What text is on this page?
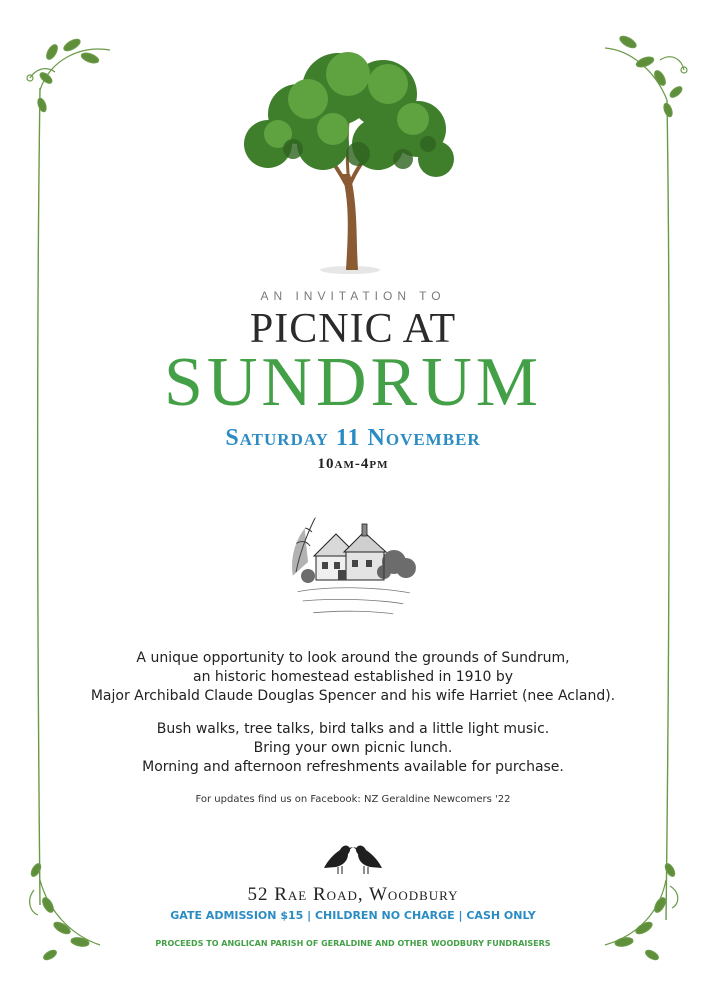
AN INVITATION TO
PICNIC AT
SUNDRUM
Saturday 11 November
10am-4pm
A unique opportunity to look around the grounds of Sundrum,
an historic homestead established in 1910 by
Major Archibald Claude Douglas Spencer and his wife Harriet (nee Acland).
Bush walks, tree talks, bird talks and a little light music.
Bring your own picnic lunch.
Morning and afternoon refreshments available for purchase.
For updates find us on Facebook: NZ Geraldine Newcomers '22
52 Rae Road, Woodbury
GATE ADMISSION $15 | CHILDREN NO CHARGE | CASH ONLY
PROCEEDS TO ANGLICAN PARISH OF GERALDINE AND OTHER WOODBURY FUNDRAISERS
